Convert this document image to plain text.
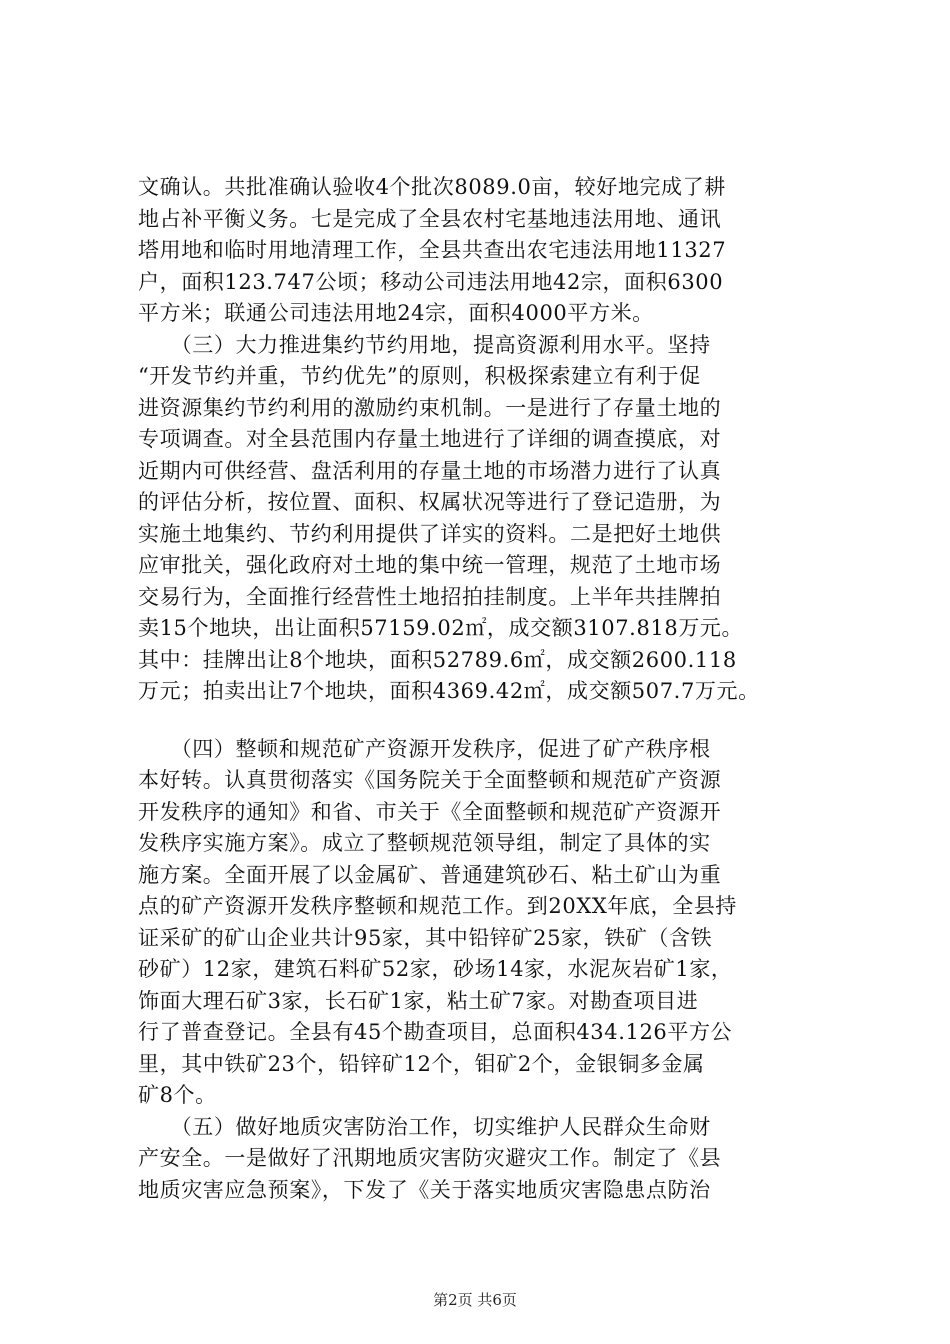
文确认。共批准确认验收4个批次8089.0亩，较好地完成了耕
地占补平衡义务。七是完成了全县农村宅基地违法用地、通讯
塔用地和临时用地清理工作，全县共查出农宅违法用地11327
户，面积123.747公顷；移动公司违法用地42宗，面积6300
平方米；联通公司违法用地24宗，面积4000平方米。
　　（三）大力推进集约节约用地，提高资源利用水平。坚持
“开发节约并重，节约优先”的原则，积极探索建立有利于促
进资源集约节约利用的激励约束机制。一是进行了存量土地的
专项调查。对全县范围内存量土地进行了详细的调查摸底，对
近期内可供经营、盘活利用的存量土地的市场潜力进行了认真
的评估分析，按位置、面积、权属状况等进行了登记造册，为
实施土地集约、节约利用提供了详实的资料。二是把好土地供
应审批关，强化政府对土地的集中统一管理，规范了土地市场
交易行为，全面推行经营性土地招拍挂制度。上半年共挂牌拍
卖15个地块，出让面积57159.02㎡，成交额3107.818万元。
其中：挂牌出让8个地块，面积52789.6㎡，成交额2600.118
万元；拍卖出让7个地块，面积4369.42㎡，成交额507.7万元。
　　（四）整顿和规范矿产资源开发秩序，促进了矿产秩序根
本好转。认真贯彻落实《国务院关于全面整顿和规范矿产资源
开发秩序的通知》和省、市关于《全面整顿和规范矿产资源开
发秩序实施方案》。成立了整顿规范领导组，制定了具体的实
施方案。全面开展了以金属矿、普通建筑砂石、粘土矿山为重
点的矿产资源开发秩序整顿和规范工作。到20XX年底，全县持
证采矿的矿山企业共计95家，其中铅锌矿25家，铁矿（含铁
砂矿）12家，建筑石料矿52家，砂场14家，水泥灰岩矿1家，
饰面大理石矿3家，长石矿1家，粘土矿7家。对勘查项目进
行了普查登记。全县有45个勘查项目，总面积434.126平方公
里，其中铁矿23个，铅锌矿12个，钼矿2个，金银铜多金属
矿8个。
　　（五）做好地质灾害防治工作，切实维护人民群众生命财
产安全。一是做好了汛期地质灾害防灾避灾工作。制定了《县
地质灾害应急预案》，下发了《关于落实地质灾害隐患点防治
第2页 共6页
